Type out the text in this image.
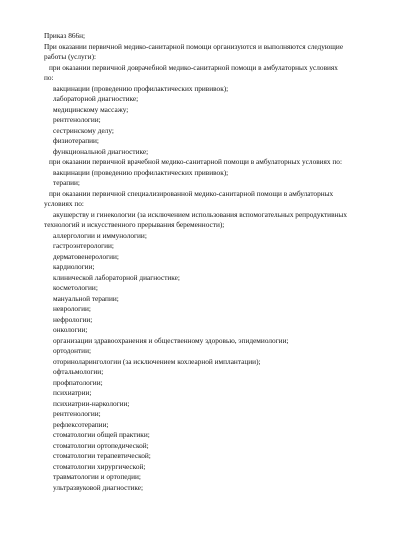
Приказ 866н;
При оказании первичной медико-санитарной помощи организуются и выполняются следующие
работы (услуги):
при оказании первичной доврачебной медико-санитарной помощи в амбулаторных условиях
по:
вакцинации (проведению профилактических прививок);
лабораторной диагностике;
медицинскому массажу;
рентгенологии;
сестринскому делу;
физиотерапии;
функциональной диагностике;
при оказании первичной врачебной медико-санитарной помощи в амбулаторных условиях по:
вакцинации (проведению профилактических прививок);
терапии;
при оказании первичной специализированной медико-санитарной помощи в амбулаторных
условиях по:
акушерству и гинекологии (за исключением использования вспомогательных репродуктивных
технологий и искусственного прерывания беременности);
аллергологии и иммунологии;
гастроэнтерологии;
дерматовенерологии;
кардиологии;
клинической лабораторной диагностике;
косметологии;
мануальной терапии;
неврологии;
нефрологии;
онкологии;
организации здравоохранения и общественному здоровью, эпидемиологии;
ортодонтии;
оториноларингологии (за исключением кохлеарной имплантации);
офтальмологии;
профпатологии;
психиатрии;
психиатрии-наркологии;
рентгенологии;
рефлексотерапии;
стоматологии общей практики;
стоматологии ортопедической;
стоматологии терапевтической;
стоматологии хирургической;
травматологии и ортопедии;
ультразвуковой диагностике;
